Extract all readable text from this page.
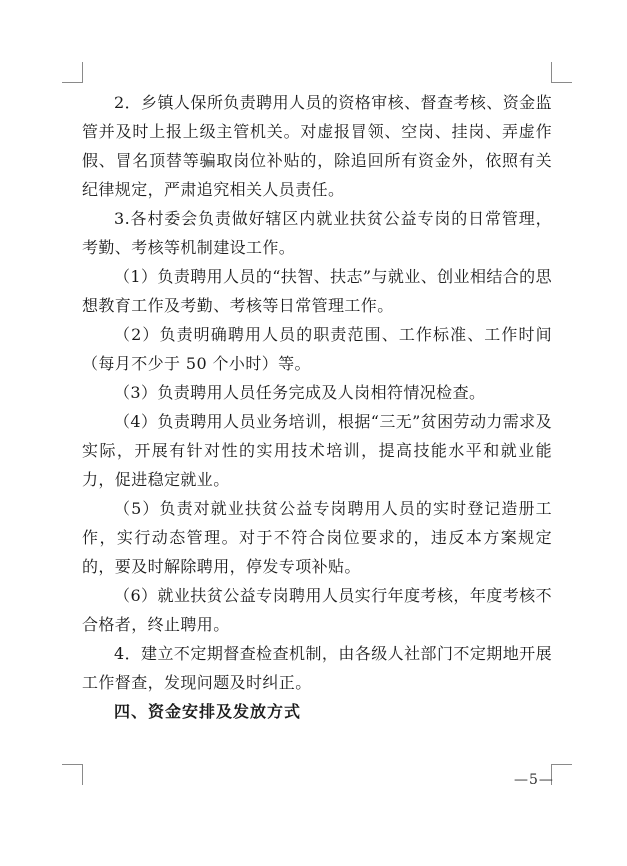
2．乡镇人保所负责聘用人员的资格审核、督查考核、资金监管并及时上报上级主管机关。对虚报冒领、空岗、挂岗、弄虚作假、冒名顶替等骗取岗位补贴的，除追回所有资金外，依照有关纪律规定，严肃追究相关人员责任。

3.各村委会负责做好辖区内就业扶贫公益专岗的日常管理，考勤、考核等机制建设工作。

（1）负责聘用人员的“扶智、扶志”与就业、创业相结合的思想教育工作及考勤、考核等日常管理工作。

（2）负责明确聘用人员的职责范围、工作标准、工作时间（每月不少于 50 个小时）等。

（3）负责聘用人员任务完成及人岗相符情况检查。

（4）负责聘用人员业务培训，根据“三无”贫困劳动力需求及实际，开展有针对性的实用技术培训，提高技能水平和就业能力，促进稳定就业。

（5）负责对就业扶贫公益专岗聘用人员的实时登记造册工作，实行动态管理。对于不符合岗位要求的，违反本方案规定的，要及时解除聘用，停发专项补贴。

（6）就业扶贫公益专岗聘用人员实行年度考核，年度考核不合格者，终止聘用。

4．建立不定期督查检查机制，由各级人社部门不定期地开展工作督查，发现问题及时纠正。

四、资金安排及发放方式

—5—
